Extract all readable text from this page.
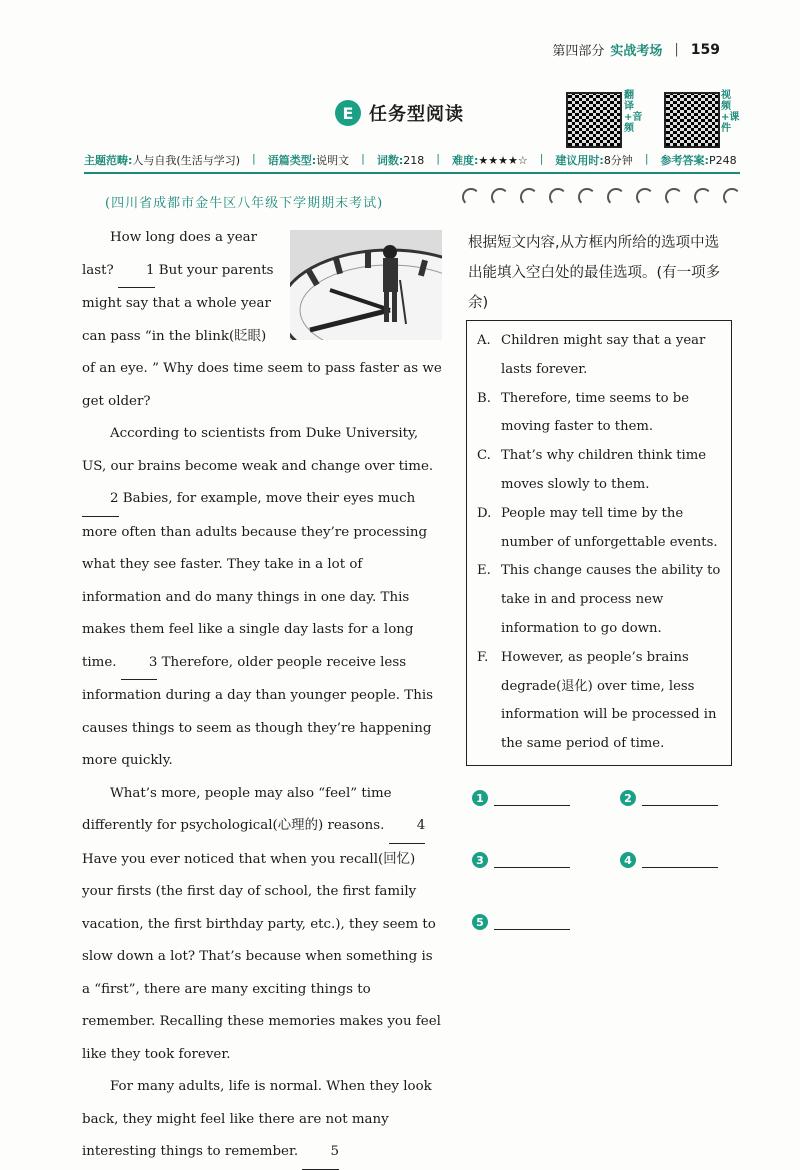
第四部分 实战考场 | 159
E 任务型阅读
翻译+音频
视频+课件
主题范畴:人与自我(生活与学习) | 语篇类型:说明文 | 词数:218 | 难度:★★★★☆ | 建议用时:8分钟 | 参考答案:P248
(四川省成都市金牛区八年级下学期期末考试)

How long does a year last? 1 But your parents might say that a whole year can pass “in the blink(眨眼) of an eye. ” Why does time seem to pass faster as we get older?

According to scientists from Duke University, US, our brains become weak and change over time. 2 Babies, for example, move their eyes much more often than adults because they’re processing what they see faster. They take in a lot of information and do many things in one day. This makes them feel like a single day lasts for a long time. 3 Therefore, older people receive less information during a day than younger people. This causes things to seem as though they’re happening more quickly.

What’s more, people may also “feel” time differently for psychological(心理的) reasons. 4 Have you ever noticed that when you recall(回忆) your firsts (the first day of school, the first family vacation, the first birthday party, etc.), they seem to slow down a lot? That’s because when something is a “first”, there are many exciting things to remember. Recalling these memories makes you feel like they took forever.

For many adults, life is normal. When they look back, they might feel like there are not many interesting things to remember. 5

根据短文内容,从方框内所给的选项中选出能填入空白处的最佳选项。(有一项多余)
A. Children might say that a year lasts forever.
B. Therefore, time seems to be moving faster to them.
C. That’s why children think time moves slowly to them.
D. People may tell time by the number of unforgettable events.
E. This change causes the ability to take in and process new information to go down.
F. However, as people’s brains degrade(退化) over time, less information will be processed in the same period of time.
1	2
3	4
5
